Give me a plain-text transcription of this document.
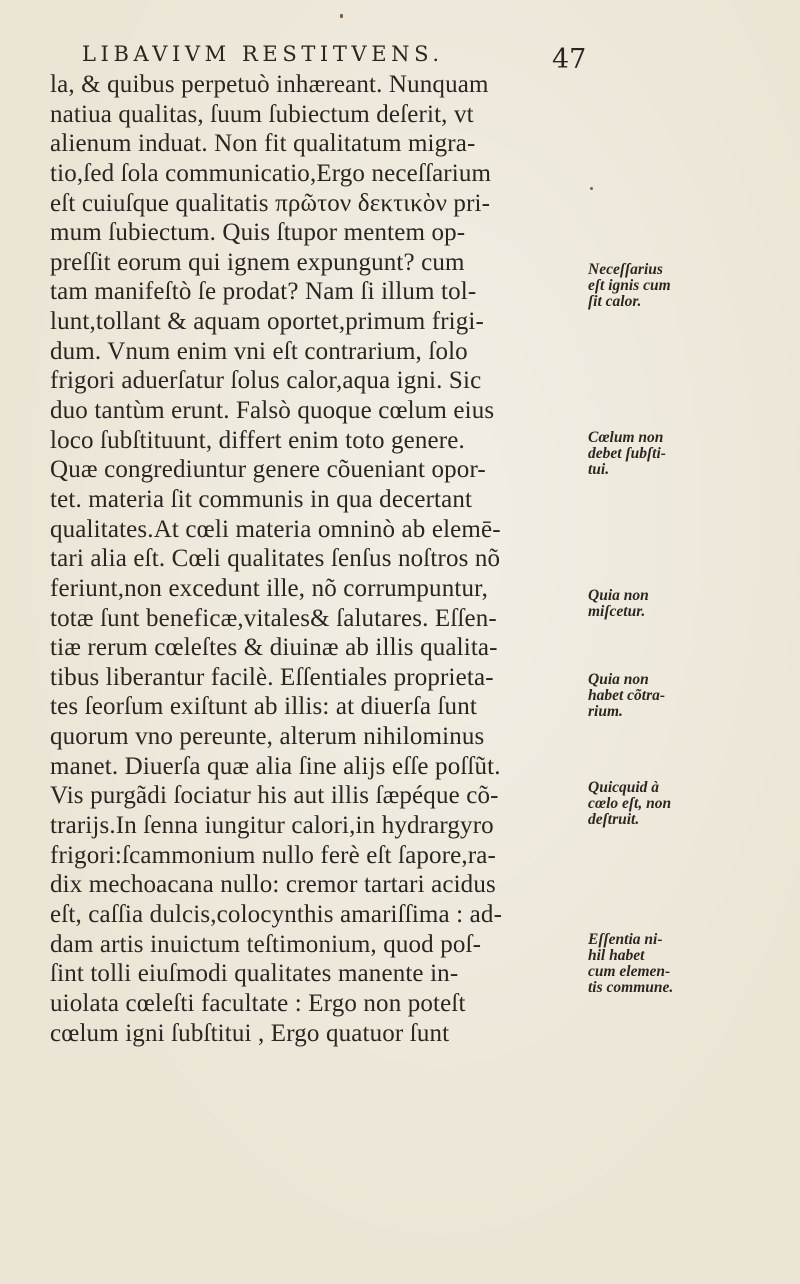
LIBAVIVM RESTITVENS.	47
la, & quibus perpetuò inhæreant. Nunquam
natiua qualitas, ſuum ſubiectum deſerit, vt
alienum induat. Non fit qualitatum migra-
tio,ſed ſola communicatio,Ergo neceſſarium
eſt cuiuſque qualitatis πρῶτον δεκτικὸν pri-
mum ſubiectum. Quis ſtupor mentem op-
preſſit eorum qui ignem expungunt? cum
tam manifeſtò ſe prodat? Nam ſi illum tol-
lunt,tollant & aquam oportet,primum frigi-
dum. Vnum enim vni eſt contrarium, ſolo
frigori aduerſatur ſolus calor,aqua igni. Sic
duo tantùm erunt. Falsò quoque cœlum eius
loco ſubſtituunt, differt enim toto genere.
Quæ congrediuntur genere cõueniant opor-
tet. materia ſit communis in qua decertant
qualitates.At cœli materia omninò ab elemē-
tari alia eſt. Cœli qualitates ſenſus noſtros nõ
feriunt,non excedunt ille, nõ corrumpuntur,
totæ ſunt beneficæ,vitales& ſalutares. Eſſen-
tiæ rerum cœleſtes & diuinæ ab illis qualita-
tibus liberantur facilè. Eſſentiales proprieta-
tes ſeorſum exiſtunt ab illis: at diuerſa ſunt
quorum vno pereunte, alterum nihilominus
manet. Diuerſa quæ alia ſine alijs eſſe poſſũt.
Vis purgãdi ſociatur his aut illis ſæpéque cõ-
trarijs.In ſenna iungitur calori,in hydrargyro
frigori:ſcammonium nullo ferè eſt ſapore,ra-
dix mechoacana nullo: cremor tartari acidus
eſt, caſſia dulcis,colocynthis amariſſima : ad-
dam artis inuictum teſtimonium, quod poſ-
ſint tolli eiuſmodi qualitates manente in-
uiolata cœleſti facultate : Ergo non poteſt
cœlum igni ſubſtitui , Ergo quatuor ſunt
Neceſſarius
eſt ignis cum
ſit calor.
Cœlum non
debet ſubſti-
tui.
Quia non
miſcetur.
Quia non
habet cõtra-
rium.
Quicquid à
cœlo eſt, non
deſtruit.
Eſſentia ni-
hil habet
cum elemen-
tis commune.
